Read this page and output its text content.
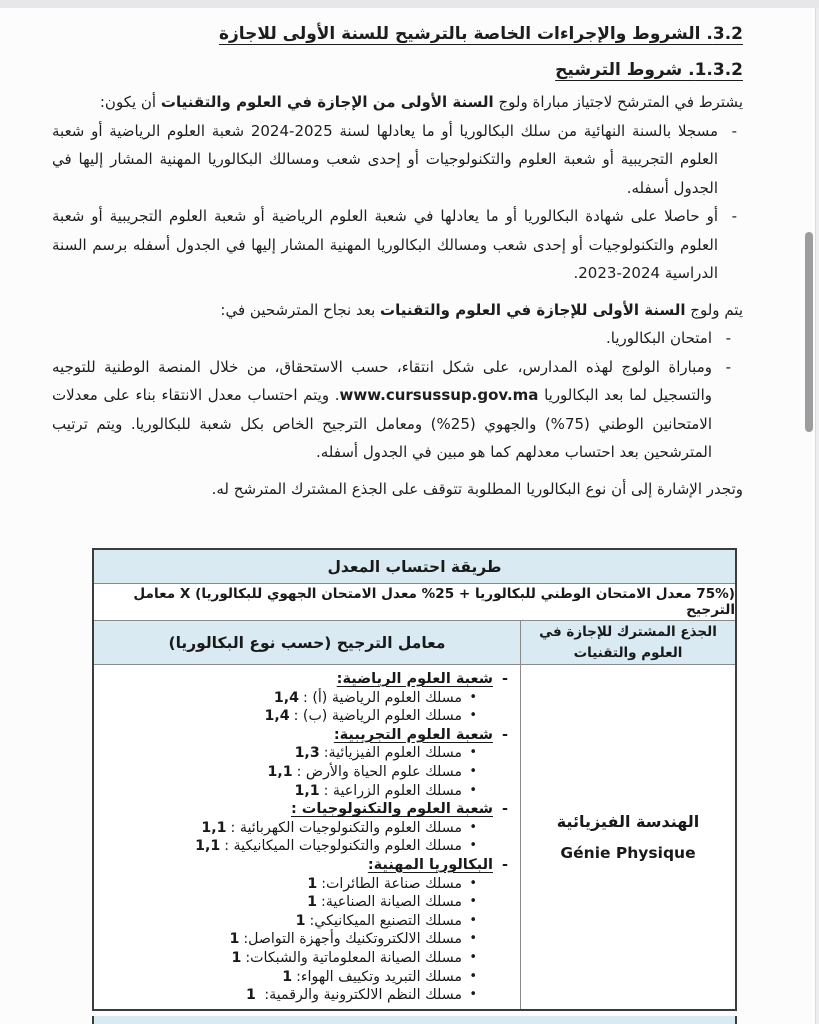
3.2. الشروط والإجراءات الخاصة بالترشيح للسنة الأولى للاجازة
1.3.2. شروط الترشيح

يشترط في المترشح لاجتياز مباراة ولوج السنة الأولى من الإجازة في العلوم والتقنيات أن يكون:

- مسجلا بالسنة النهائية من سلك البكالوريا أو ما يعادلها لسنة 2025-2024 شعبة العلوم الرياضية أو شعبة العلوم التجريبية أو شعبة العلوم والتكنولوجيات أو إحدى شعب ومسالك البكالوريا المهنية المشار إليها في الجدول أسفله.
- أو حاصلا على شهادة البكالوريا أو ما يعادلها في شعبة العلوم الرياضية أو شعبة العلوم التجريبية أو شعبة العلوم والتكنولوجيات أو إحدى شعب ومسالك البكالوريا المهنية المشار إليها في الجدول أسفله برسم السنة الدراسية 2024-2023.

يتم ولوج السنة الأولى للإجازة في العلوم والتقنيات بعد نجاح المترشحين في:

- امتحان البكالوريا.
- ومباراة الولوج لهذه المدارس، على شكل انتقاء، حسب الاستحقاق، من خلال المنصة الوطنية للتوجيه والتسجيل لما بعد البكالوريا www.cursussup.gov.ma. ويتم احتساب معدل الانتقاء بناء على معدلات الامتحانين الوطني (75%) والجهوي (25%) ومعامل الترجيح الخاص بكل شعبة للبكالوريا. ويتم ترتيب المترشحين بعد احتساب معدلهم كما هو مبين في الجدول أسفله.

وتجدر الإشارة إلى أن نوع البكالوريا المطلوبة تتوقف على الجذع المشترك المترشح له.

طريقة احتساب المعدل
(75% معدل الامتحان الوطني للبكالوريا + 25% معدل الامتحان الجهوي للبكالوريا) X معامل الترجيح
الجذع المشترك للإجازة في العلوم والتقنيات
معامل الترجيح (حسب نوع البكالوريا)
الهندسة الفيزيائية
Génie Physique
- شعبة العلوم الرياضية:
• مسلك العلوم الرياضية (أ) :1,4
• مسلك العلوم الرياضية (ب) :1,4
- شعبة العلوم التجريبية:
• مسلك العلوم الفيزيائية:1,3
• مسلك علوم الحياة والأرض :1,1
• مسلك العلوم الزراعية :1,1
- شعبة العلوم والتكنولوجيات :
• مسلك العلوم والتكنولوجيات الكهربائية :1,1
• مسلك العلوم والتكنولوجيات الميكانيكية :1,1
- البكالوريا المهنية:
• مسلك صناعة الطائرات:1
• مسلك الصيانة الصناعية:1
• مسلك التصنيع الميكانيكي:1
• مسلك الالكتروتكنيك وأجهزة التواصل:1
• مسلك الصيانة المعلوماتية والشبكات:1
• مسلك التبريد وتكييف الهواء:1
• مسلك النظم الالكترونية والرقمية: 1
